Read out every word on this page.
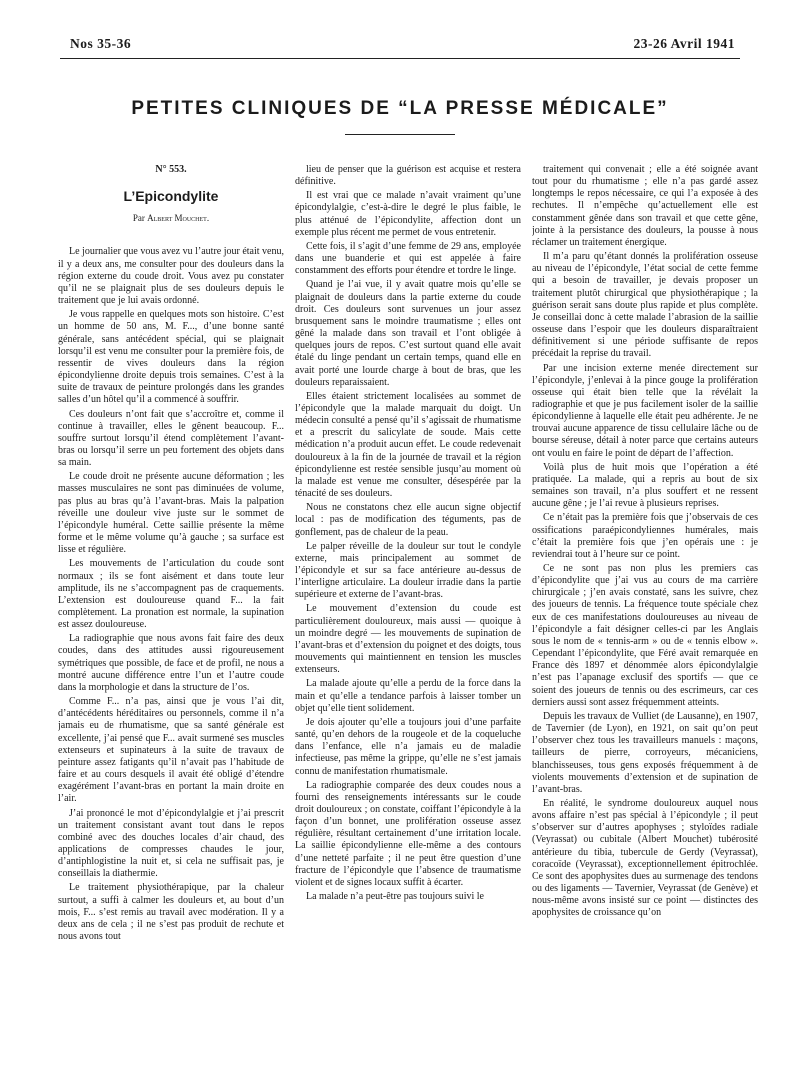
Nos 35-36	23-26 Avril 1941
PETITES CLINIQUES DE “LA PRESSE MÉDICALE”
N° 553.
L’Epicondylite
Par Albert Mouchet.

Le journalier que vous avez vu l’autre jour était venu, il y a deux ans, me consulter pour des douleurs dans la région externe du coude droit. Vous avez pu constater qu’il ne se plaignait plus de ses douleurs depuis le traitement que je lui avais ordonné.

Je vous rappelle en quelques mots son histoire. C’est un homme de 50 ans, M. F..., d’une bonne santé générale, sans antécédent spécial, qui se plaignait lorsqu’il est venu me consulter pour la première fois, de ressentir de vives douleurs dans la région épicondylienne droite depuis trois semaines. C’est à la suite de travaux de peinture prolongés dans les grandes salles d’un hôtel qu’il a commencé à souffrir.

Ces douleurs n’ont fait que s’accroître et, comme il continue à travailler, elles le gênent beaucoup. F... souffre surtout lorsqu’il étend complètement l’avant-bras ou lorsqu’il serre un peu fortement des objets dans sa main.

Le coude droit ne présente aucune déformation ; les masses musculaires ne sont pas diminuées de volume, pas plus au bras qu’à l’avant-bras. Mais la palpation réveille une douleur vive juste sur le sommet de l’épicondyle huméral. Cette saillie présente la même forme et le même volume qu’à gauche ; sa surface est lisse et régulière.

Les mouvements de l’articulation du coude sont normaux ; ils se font aisément et dans toute leur amplitude, ils ne s’accompagnent pas de craquements. L’extension est douloureuse quand F... la fait complètement. La pronation est normale, la supination est assez douloureuse.

La radiographie que nous avons fait faire des deux coudes, dans des attitudes aussi rigoureusement symétriques que possible, de face et de profil, ne nous a montré aucune différence entre l’un et l’autre coude dans la morphologie et dans la structure de l’os.

Comme F... n’a pas, ainsi que je vous l’ai dit, d’antécédents héréditaires ou personnels, comme il n’a jamais eu de rhumatisme, que sa santé générale est excellente, j’ai pensé que F... avait surmené ses muscles extenseurs et supinateurs à la suite de travaux de peinture assez fatigants qu’il n’avait pas l’habitude de faire et au cours desquels il avait été obligé d’étendre exagérément l’avant-bras en portant la main droite en l’air.

J’ai prononcé le mot d’épicondylalgie et j’ai prescrit un traitement consistant avant tout dans le repos combiné avec des douches locales d’air chaud, des applications de compresses chaudes le jour, d’antiphlogistine la nuit et, si cela ne suffisait pas, je conseillais la diathermie.

Le traitement physiothérapique, par la chaleur surtout, a suffi à calmer les douleurs et, au bout d’un mois, F... s’est remis au travail avec modération. Il y a deux ans de cela ; il ne s’est pas produit de rechute et nous avons tout

lieu de penser que la guérison est acquise et restera définitive.

Il est vrai que ce malade n’avait vraiment qu’une épicondylalgie, c’est-à-dire le degré le plus faible, le plus atténué de l’épicondylite, affection dont un exemple plus récent me permet de vous entretenir.

Cette fois, il s’agit d’une femme de 29 ans, employée dans une buanderie et qui est appelée à faire constamment des efforts pour étendre et tordre le linge.

Quand je l’ai vue, il y avait quatre mois qu’elle se plaignait de douleurs dans la partie externe du coude droit. Ces douleurs sont survenues un jour assez brusquement sans le moindre traumatisme ; elles ont gêné la malade dans son travail et l’ont obligée à quelques jours de repos. C’est surtout quand elle avait étalé du linge pendant un certain temps, quand elle en avait porté une lourde charge à bout de bras, que les douleurs reparaissaient.

Elles étaient strictement localisées au sommet de l’épicondyle que la malade marquait du doigt. Un médecin consulté a pensé qu’il s’agissait de rhumatisme et a prescrit du salicylate de soude. Mais cette médication n’a produit aucun effet. Le coude redevenait douloureux à la fin de la journée de travail et la région épicondylienne est restée sensible jusqu’au moment où la malade est venue me consulter, désespérée par la ténacité de ses douleurs.

Nous ne constatons chez elle aucun signe objectif local : pas de modification des téguments, pas de gonflement, pas de chaleur de la peau.

Le palper réveille de la douleur sur tout le condyle externe, mais principalement au sommet de l’épicondyle et sur sa face antérieure au-dessus de l’interligne articulaire. La douleur irradie dans la partie supérieure et externe de l’avant-bras.

Le mouvement d’extension du coude est particulièrement douloureux, mais aussi — quoique à un moindre degré — les mouvements de supination de l’avant-bras et d’extension du poignet et des doigts, tous mouvements qui maintiennent en tension les muscles extenseurs.

La malade ajoute qu’elle a perdu de la force dans la main et qu’elle a tendance parfois à laisser tomber un objet qu’elle tient solidement.

Je dois ajouter qu’elle a toujours joui d’une parfaite santé, qu’en dehors de la rougeole et de la coqueluche dans l’enfance, elle n’a jamais eu de maladie infectieuse, pas même la grippe, qu’elle ne s’est jamais connu de manifestation rhumatismale.

La radiographie comparée des deux coudes nous a fourni des renseignements intéressants sur le coude droit douloureux ; on constate, coiffant l’épicondyle à la façon d’un bonnet, une prolifération osseuse assez régulière, résultant certainement d’une irritation locale. La saillie épicondylienne elle-même a des contours d’une netteté parfaite ; il ne peut être question d’une fracture de l’épicondyle que l’absence de traumatisme violent et de signes locaux suffit à écarter.

La malade n’a peut-être pas toujours suivi le

traitement qui convenait ; elle a été soignée avant tout pour du rhumatisme ; elle n’a pas gardé assez longtemps le repos nécessaire, ce qui l’a exposée à des rechutes. Il n’empêche qu’actuellement elle est constamment gênée dans son travail et que cette gêne, jointe à la persistance des douleurs, la pousse à nous réclamer un traitement énergique.

Il m’a paru qu’étant donnés la prolifération osseuse au niveau de l’épicondyle, l’état social de cette femme qui a besoin de travailler, je devais proposer un traitement plutôt chirurgical que physiothérapique ; la guérison serait sans doute plus rapide et plus complète. Je conseillai donc à cette malade l’abrasion de la saillie osseuse dans l’espoir que les douleurs disparaîtraient définitivement si une période suffisante de repos précédait la reprise du travail.

Par une incision externe menée directement sur l’épicondyle, j’enlevai à la pince gouge la prolifération osseuse qui était bien telle que la révélait la radiographie et que je pus facilement isoler de la saillie épicondylienne à laquelle elle était peu adhérente. Je ne trouvai aucune apparence de tissu cellulaire lâche ou de bourse séreuse, détail à noter parce que certains auteurs ont voulu en faire le point de départ de l’affection.

Voilà plus de huit mois que l’opération a été pratiquée. La malade, qui a repris au bout de six semaines son travail, n’a plus souffert et ne ressent aucune gêne ; je l’ai revue à plusieurs reprises.

Ce n’était pas la première fois que j’observais de ces ossifications paraépicondyliennes humérales, mais c’était la première fois que j’en opérais une : je reviendrai tout à l’heure sur ce point.

Ce ne sont pas non plus les premiers cas d’épicondylite que j’ai vus au cours de ma carrière chirurgicale ; j’en avais constaté, sans les suivre, chez des joueurs de tennis. La fréquence toute spéciale chez eux de ces manifestations douloureuses au niveau de l’épicondyle a fait désigner celles-ci par les Anglais sous le nom de « tennis-arm » ou de « tennis elbow ». Cependant l’épicondylite, que Féré avait remarquée en France dès 1897 et dénommée alors épicondylalgie n’est pas l’apanage exclusif des sportifs — que ce soient des joueurs de tennis ou des escrimeurs, car ces derniers aussi sont assez fréquemment atteints.

Depuis les travaux de Vulliet (de Lausanne), en 1907, de Tavernier (de Lyon), en 1921, on sait qu’on peut l’observer chez tous les travailleurs manuels : maçons, tailleurs de pierre, corroyeurs, mécaniciens, blanchisseuses, tous gens exposés fréquemment à de violents mouvements d’extension et de supination de l’avant-bras.

En réalité, le syndrome douloureux auquel nous avons affaire n’est pas spécial à l’épicondyle ; il peut s’observer sur d’autres apophyses ; styloïdes radiale (Veyrassat) ou cubitale (Albert Mouchet) tubérosité antérieure du tibia, tubercule de Gerdy (Veyrassat), coracoïde (Veyrassat), exceptionnellement épitrochlée. Ce sont des apophysites dues au surmenage des tendons ou des ligaments — Tavernier, Veyrassat (de Genève) et nous-même avons insisté sur ce point — distinctes des apophysites de croissance qu’on
